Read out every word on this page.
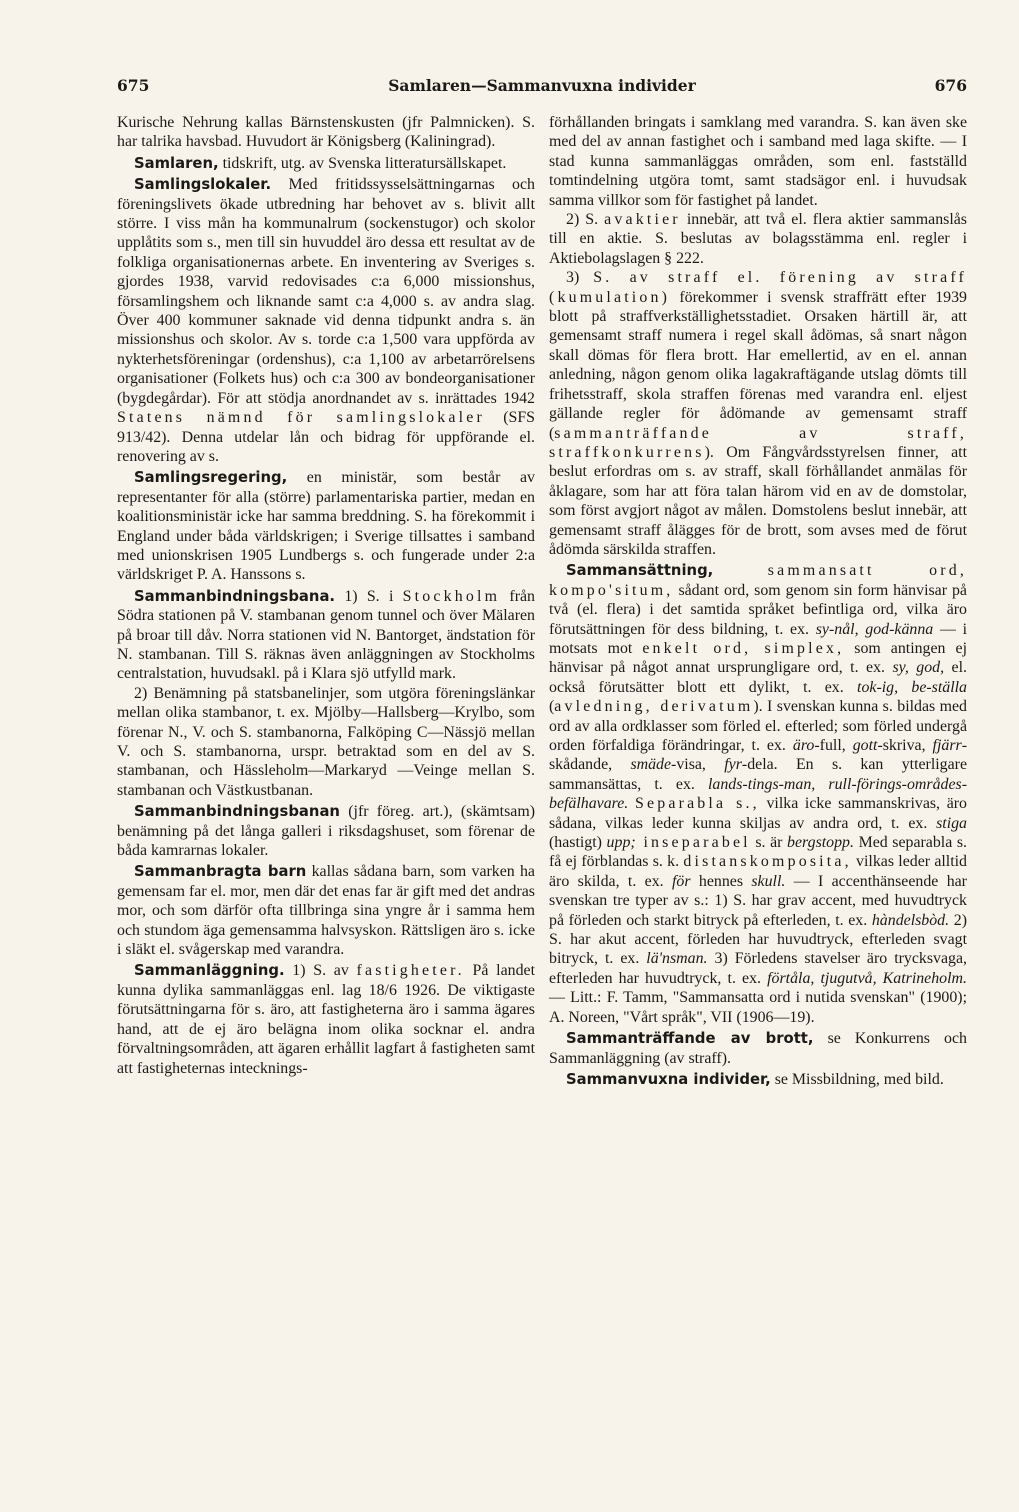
675	Samlaren—Sammanvuxna individer	676

Kurische Nehrung kallas Bärnstenskusten (jfr Palmnicken). S. har talrika havsbad. Huvudort är Königsberg (Kaliningrad).

Samlaren, tidskrift, utg. av Svenska litteratursällskapet.

Samlingslokaler. Med fritidssysselsättningarnas och föreningslivets ökade utbredning har behovet av s. blivit allt större. I viss mån ha kommunalrum (sockenstugor) och skolor upplåtits som s., men till sin huvuddel äro dessa ett resultat av de folkliga organisationernas arbete. En inventering av Sveriges s. gjordes 1938, varvid redovisades c:a 6,000 missionshus, församlingshem och liknande samt c:a 4,000 s. av andra slag. Över 400 kommuner saknade vid denna tidpunkt andra s. än missionshus och skolor. Av s. torde c:a 1,500 vara uppförda av nykterhetsföreningar (ordenshus), c:a 1,100 av arbetarrörelsens organisationer (Folkets hus) och c:a 300 av bondeorganisationer (bygdegårdar). För att stödja anordnandet av s. inrättades 1942 Statens nämnd för samlingslokaler (SFS 913/42). Denna utdelar lån och bidrag för uppförande el. renovering av s.

Samlingsregering, en ministär, som består av representanter för alla (större) parlamentariska partier, medan en koalitionsministär icke har samma breddning. S. ha förekommit i England under båda världskrigen; i Sverige tillsattes i samband med unionskrisen 1905 Lundbergs s. och fungerade under 2:a världskriget P. A. Hanssons s.

Sammanbindningsbana. 1) S. i Stockholm från Södra stationen på V. stambanan genom tunnel och över Mälaren på broar till dåv. Norra stationen vid N. Bantorget, ändstation för N. stambanan. Till S. räknas även anläggningen av Stockholms centralstation, huvudsakl. på i Klara sjö utfylld mark.

2) Benämning på statsbanelinjer, som utgöra föreningslänkar mellan olika stambanor, t. ex. Mjölby—Hallsberg—Krylbo, som förenar N., V. och S. stambanorna, Falköping C—Nässjö mellan V. och S. stambanorna, urspr. betraktad som en del av S. stambanan, och Hässleholm—Markaryd —Veinge mellan S. stambanan och Västkustbanan.

Sammanbindningsbanan (jfr föreg. art.), (skämtsam) benämning på det långa galleri i riksdagshuset, som förenar de båda kamrarnas lokaler.

Sammanbragta barn kallas sådana barn, som varken ha gemensam far el. mor, men där det enas far är gift med det andras mor, och som därför ofta tillbringa sina yngre år i samma hem och stundom äga gemensamma halvsyskon. Rättsligen äro s. icke i släkt el. svågerskap med varandra.

Sammanläggning. 1) S. av fastigheter. På landet kunna dylika sammanläggas enl. lag 18/6 1926. De viktigaste förutsättningarna för s. äro, att fastigheterna äro i samma ägares hand, att de ej äro belägna inom olika socknar el. andra förvaltningsområden, att ägaren erhållit lagfart å fastigheten samt att fastigheternas intecknings-

förhållanden bringats i samklang med varandra. S. kan även ske med del av annan fastighet och i samband med laga skifte. — I stad kunna sammanläggas områden, som enl. fastställd tomtindelning utgöra tomt, samt stadsägor enl. i huvudsak samma villkor som för fastighet på landet.

2) S. avaktier innebär, att två el. flera aktier sammanslås till en aktie. S. beslutas av bolagsstämma enl. regler i Aktiebolagslagen § 222.

3) S. av straff el. förening av straff (kumulation) förekommer i svensk straffrätt efter 1939 blott på straffverkställighetsstadiet. Orsaken härtill är, att gemensamt straff numera i regel skall ådömas, så snart någon skall dömas för flera brott. Har emellertid, av en el. annan anledning, någon genom olika lagakraftägande utslag dömts till frihetsstraff, skola straffen förenas med varandra enl. eljest gällande regler för ådömande av gemensamt straff (sammanträffande av straff, straffkonkurrens). Om Fångvårdsstyrelsen finner, att beslut erfordras om s. av straff, skall förhållandet anmälas för åklagare, som har att föra talan härom vid en av de domstolar, som först avgjort något av målen. Domstolens beslut innebär, att gemensamt straff ålägges för de brott, som avses med de förut ådömda särskilda straffen.

Sammansättning, sammansatt ord, kompo'situm, sådant ord, som genom sin form hänvisar på två (el. flera) i det samtida språket befintliga ord, vilka äro förutsättningen för dess bildning, t. ex. sy-nål, god-känna — i motsats mot enkelt ord, simplex, som antingen ej hänvisar på något annat ursprungligare ord, t. ex. sy, god, el. också förutsätter blott ett dylikt, t. ex. tok-ig, be-ställa (avledning, derivatum). I svenskan kunna s. bildas med ord av alla ordklasser som förled el. efterled; som förled undergå orden förfaldiga förändringar, t. ex. äro-full, gott-skriva, fjärr-skådande, smäde-visa, fyr-dela. En s. kan ytterligare sammansättas, t. ex. lands-tings-man, rull-förings-områdes-befälhavare. Separabla s., vilka icke sammanskrivas, äro sådana, vilkas leder kunna skiljas av andra ord, t. ex. stiga (hastigt) upp; inseparabel s. är bergstopp. Med separabla s. få ej förblandas s. k. distanskomposita, vilkas leder alltid äro skilda, t. ex. för hennes skull. — I accenthänseende har svenskan tre typer av s.: 1) S. har grav accent, med huvudtryck på förleden och starkt bitryck på efterleden, t. ex. hàndelsbòd. 2) S. har akut accent, förleden har huvudtryck, efterleden svagt bitryck, t. ex. lä'nsman. 3) Förledens stavelser äro trycksvaga, efterleden har huvudtryck, t. ex. förtåla, tjugutvå, Katrineholm. — Litt.: F. Tamm, "Sammansatta ord i nutida svenskan" (1900); A. Noreen, "Vårt språk", VII (1906—19).

Sammanträffande av brott, se Konkurrens och Sammanläggning (av straff).

Sammanvuxna individer, se Missbildning, med bild.
